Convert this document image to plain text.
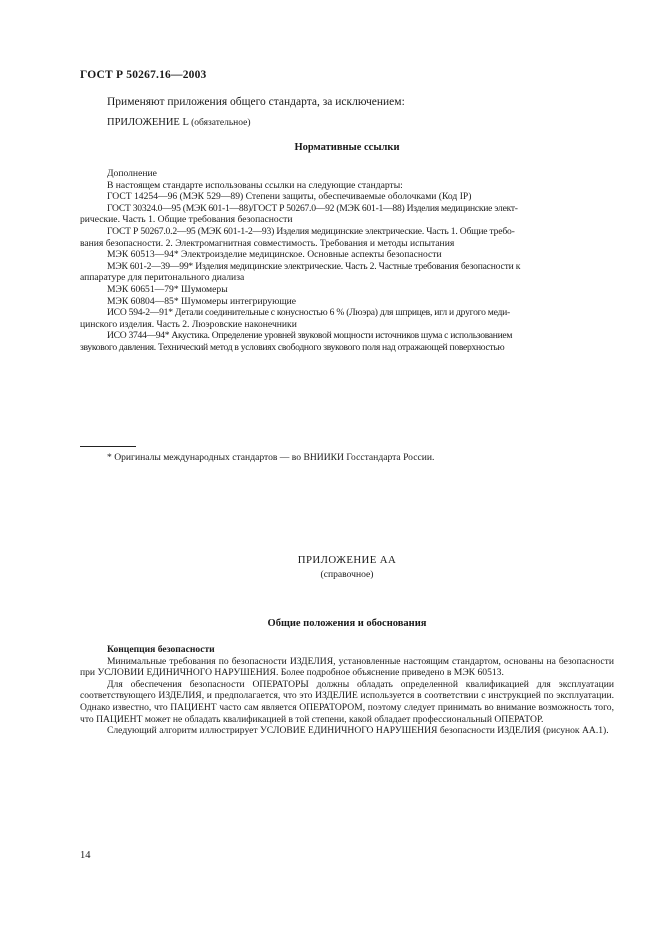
ГОСТ Р 50267.16—2003
Применяют приложения общего стандарта, за исключением:
ПРИЛОЖЕНИЕ L (обязательное)
Нормативные ссылки
Дополнение
В настоящем стандарте использованы ссылки на следующие стандарты:
ГОСТ 14254—96 (МЭК 529—89) Степени защиты, обеспечиваемые оболочками (Код IP)
ГОСТ 30324.0—95 (МЭК 601-1—88)/ГОСТ Р 50267.0—92 (МЭК 601-1—88) Изделия медицинские элект-
рические. Часть 1. Общие требования безопасности
ГОСТ Р 50267.0.2—95 (МЭК 601-1-2—93) Изделия медицинские электрические. Часть 1. Общие требо-
вания безопасности. 2. Электромагнитная совместимость. Требования и методы испытания
МЭК 60513—94* Электроизделие медицинское. Основные аспекты безопасности
МЭК 601-2—39—99* Изделия медицинские электрические. Часть 2. Частные требования безопасности к
аппаратуре для перитонального диализа
МЭК 60651—79* Шумомеры
МЭК 60804—85* Шумомеры интегрирующие
ИСО 594-2—91* Детали соединительные с конусностью 6 % (Люэра) для шприцев, игл и другого меди-
цинского изделия. Часть 2. Люэровские наконечники
ИСО 3744—94* Акустика. Определение уровней звуковой мощности источников шума с использованием
звукового давления. Технический метод в условиях свободного звукового поля над отражающей поверхностью
* Оригиналы международных стандартов — во ВНИИКИ Госстандарта России.
ПРИЛОЖЕНИЕ АА
(справочное)
Общие положения и обоснования
Концепция безопасности

Минимальные требования по безопасности ИЗДЕЛИЯ, установленные настоящим стандартом, основаны на безопасности при УСЛОВИИ ЕДИНИЧНОГО НАРУШЕНИЯ. Более подробное объяснение приведено в МЭК 60513.

Для обеспечения безопасности ОПЕРАТОРЫ должны обладать определенной квалификацией для эксплуатации соответствующего ИЗДЕЛИЯ, и предполагается, что это ИЗДЕЛИЕ используется в соответствии с инструкцией по эксплуатации. Однако известно, что ПАЦИЕНТ часто сам является ОПЕРАТОРОМ, поэтому следует принимать во внимание возможность того, что ПАЦИЕНТ может не обладать квалификацией в той степени, какой обладает профессиональный ОПЕРАТОР.

Следующий алгоритм иллюстрирует УСЛОВИЕ ЕДИНИЧНОГО НАРУШЕНИЯ безопасности ИЗДЕЛИЯ (рисунок АА.1).

14
